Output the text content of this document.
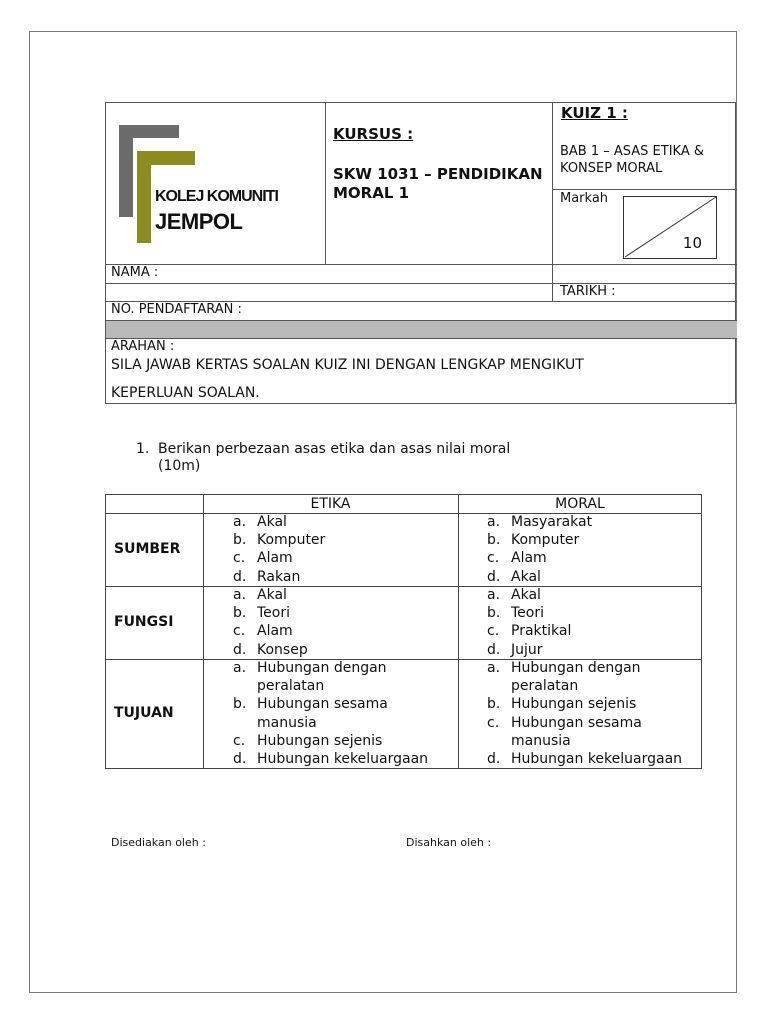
KOLEJ KOMUNITI
JEMPOL
KURSUS :
SKW 1031 – PENDIDIKAN MORAL 1
KUIZ 1 :
BAB 1 – ASAS ETIKA & KONSEP MORAL
Markah
10
NAMA :
TARIKH :
NO. PENDAFTARAN :
ARAHAN :
SILA JAWAB KERTAS SOALAN KUIZ INI DENGAN LENGKAP MENGIKUT
KEPERLUAN SOALAN.
1. Berikan perbezaan asas etika dan asas nilai moral
(10m)
ETIKA	MORAL
SUMBER
FUNGSI
TUJUAN
a. Akal
b. Komputer
c. Alam
d. Rakan
a. Masyarakat
b. Komputer
c. Alam
d. Akal
a. Akal
b. Teori
c. Alam
d. Konsep
a. Akal
b. Teori
c. Praktikal
d. Jujur
a. Hubungan dengan
peralatan
b. Hubungan sesama
manusia
c. Hubungan sejenis
d. Hubungan kekeluargaan
a. Hubungan dengan
peralatan
b. Hubungan sejenis
c. Hubungan sesama
manusia
d. Hubungan kekeluargaan
Disediakan oleh :	Disahkan oleh :
